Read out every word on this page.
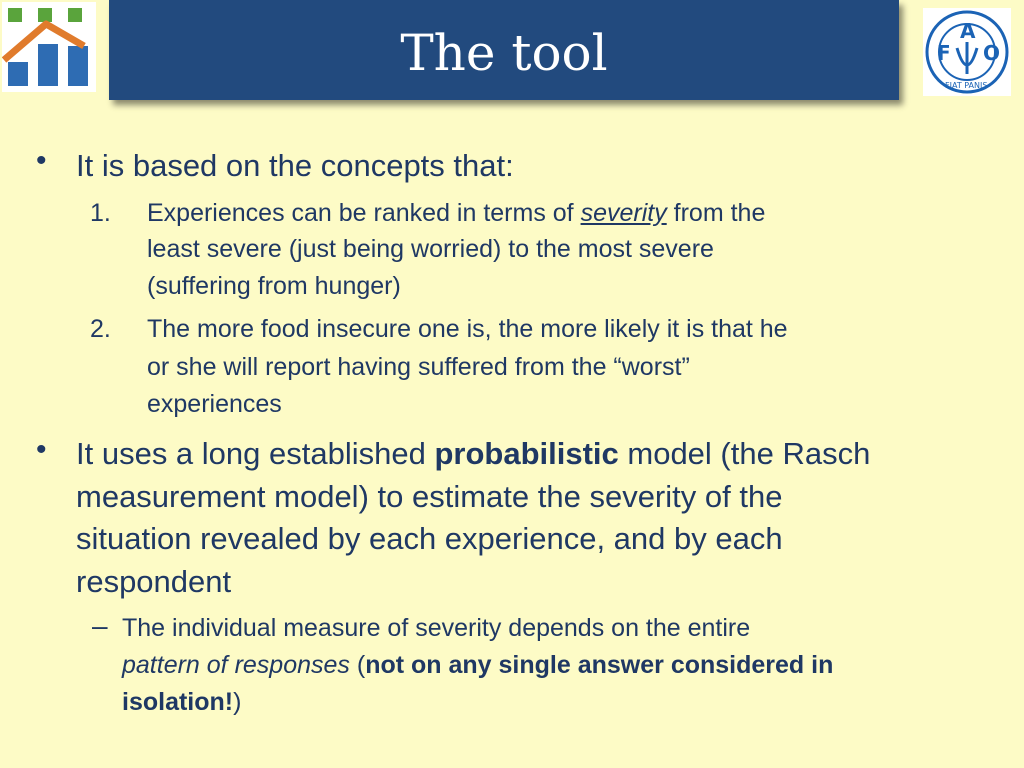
The tool	F
A
O
FIAT PANIS
• It is based on the concepts that:
1. Experiences can be ranked in terms of severity from the
least severe (just being worried) to the most severe
(suffering from hunger)
2. The more food insecure one is, the more likely it is that he
or she will report having suffered from the “worst”
experiences
• It uses a long established probabilistic model (the Rasch
measurement model) to estimate the severity of the
situation revealed by each experience, and by each
respondent
– The individual measure of severity depends on the entire
pattern of responses (not on any single answer considered in
isolation!)
